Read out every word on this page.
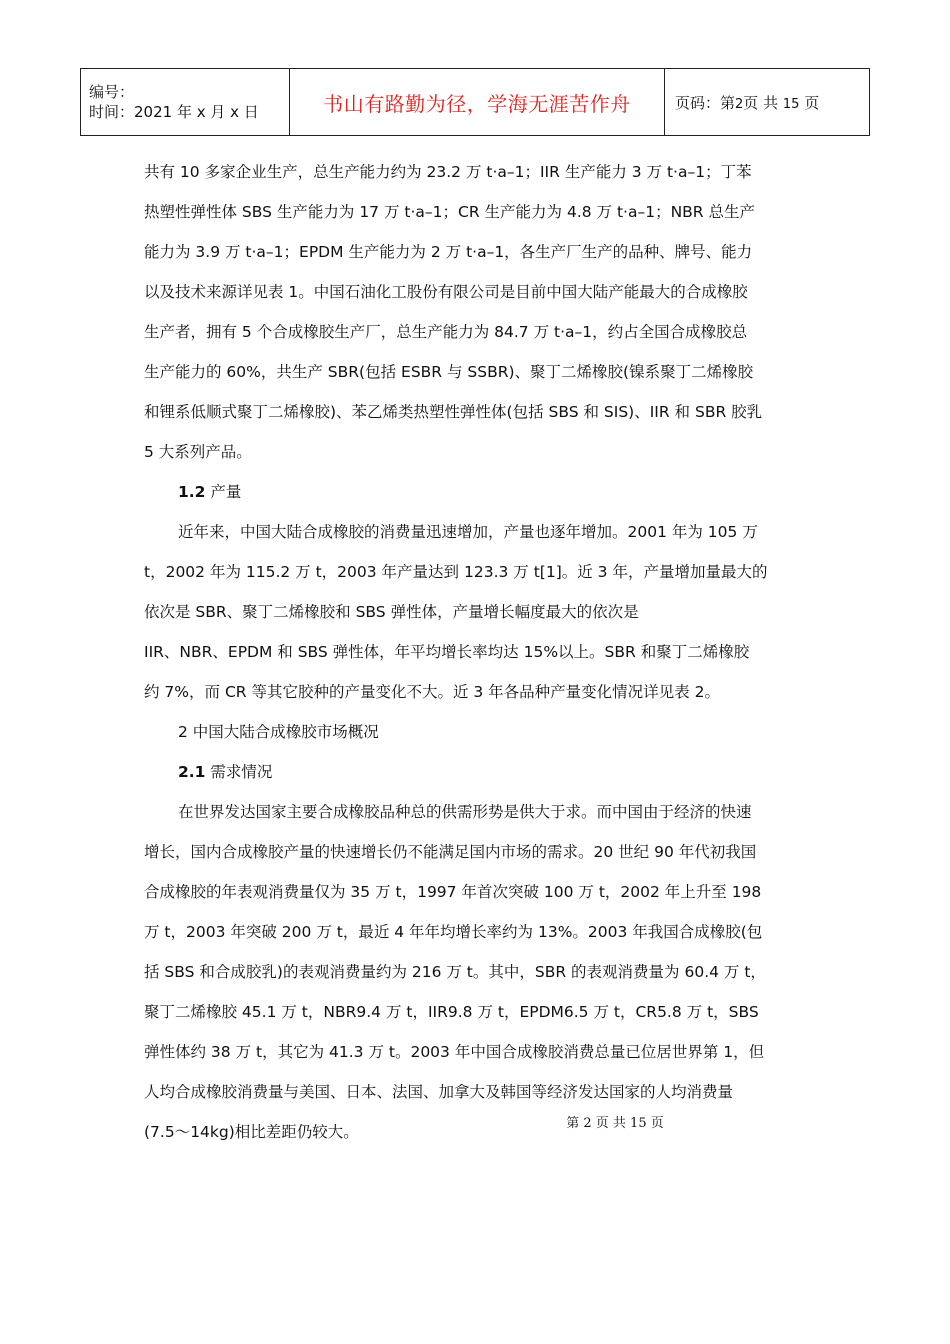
编号：
时间：2021 年 x 月 x 日	书山有路勤为径，学海无涯苦作舟	页码：第2页 共 15 页
共有 10 多家企业生产，总生产能力约为 23.2 万 t·a–1；IIR 生产能力 3 万 t·a–1；丁苯
热塑性弹性体 SBS 生产能力为 17 万 t·a–1；CR 生产能力为 4.8 万 t·a–1；NBR 总生产
能力为 3.9 万 t·a–1；EPDM 生产能力为 2 万 t·a–1，各生产厂生产的品种、牌号、能力
以及技术来源详见表 1。中国石油化工股份有限公司是目前中国大陆产能最大的合成橡胶
生产者，拥有 5 个合成橡胶生产厂，总生产能力为 84.7 万 t·a–1，约占全国合成橡胶总
生产能力的 60%，共生产 SBR(包括 ESBR 与 SSBR)、聚丁二烯橡胶(镍系聚丁二烯橡胶
和锂系低顺式聚丁二烯橡胶)、苯乙烯类热塑性弹性体(包括 SBS 和 SIS)、IIR 和 SBR 胶乳
5 大系列产品。
1.2 产量
近年来，中国大陆合成橡胶的消费量迅速增加，产量也逐年增加。2001 年为 105 万
t，2002 年为 115.2 万 t，2003 年产量达到 123.3 万 t[1]。近 3 年，产量增加量最大的
依次是 SBR、聚丁二烯橡胶和 SBS 弹性体，产量增长幅度最大的依次是
IIR、NBR、EPDM 和 SBS 弹性体，年平均增长率均达 15%以上。SBR 和聚丁二烯橡胶
约 7%，而 CR 等其它胶种的产量变化不大。近 3 年各品种产量变化情况详见表 2。
2 中国大陆合成橡胶市场概况
2.1 需求情况
在世界发达国家主要合成橡胶品种总的供需形势是供大于求。而中国由于经济的快速
增长，国内合成橡胶产量的快速增长仍不能满足国内市场的需求。20 世纪 90 年代初我国
合成橡胶的年表观消费量仅为 35 万 t，1997 年首次突破 100 万 t，2002 年上升至 198
万 t，2003 年突破 200 万 t，最近 4 年年均增长率约为 13%。2003 年我国合成橡胶(包
括 SBS 和合成胶乳)的表观消费量约为 216 万 t。其中，SBR 的表观消费量为 60.4 万 t，
聚丁二烯橡胶 45.1 万 t，NBR9.4 万 t，IIR9.8 万 t，EPDM6.5 万 t，CR5.8 万 t，SBS
弹性体约 38 万 t，其它为 41.3 万 t。2003 年中国合成橡胶消费总量已位居世界第 1，但
人均合成橡胶消费量与美国、日本、法国、加拿大及韩国等经济发达国家的人均消费量
(7.5～14kg)相比差距仍较大。	第 2 页 共 15 页
